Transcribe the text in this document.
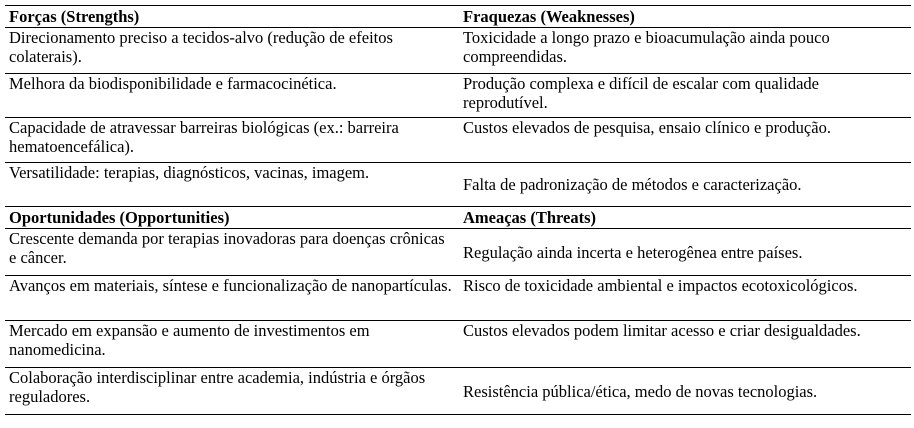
Forças (Strengths)	Fraquezas (Weaknesses)
Direcionamento preciso a tecidos-alvo (redução de efeitos colaterais).	Toxicidade a longo prazo e bioacumulação ainda pouco compreendidas.
Melhora da biodisponibilidade e farmacocinética.	Produção complexa e difícil de escalar com qualidade reprodutível.
Capacidade de atravessar barreiras biológicas (ex.: barreira hematoencefálica).	Custos elevados de pesquisa, ensaio clínico e produção.
Versatilidade: terapias, diagnósticos, vacinas, imagem.	Falta de padronização de métodos e caracterização.
Oportunidades (Opportunities)	Ameaças (Threats)
Crescente demanda por terapias inovadoras para doenças crônicas e câncer.	Regulação ainda incerta e heterogênea entre países.
Avanços em materiais, síntese e funcionalização de nanopartículas.	Risco de toxicidade ambiental e impactos ecotoxicológicos.
Mercado em expansão e aumento de investimentos em nanomedicina.	Custos elevados podem limitar acesso e criar desigualdades.
Colaboração interdisciplinar entre academia, indústria e órgãos reguladores.	Resistência pública/ética, medo de novas tecnologias.
